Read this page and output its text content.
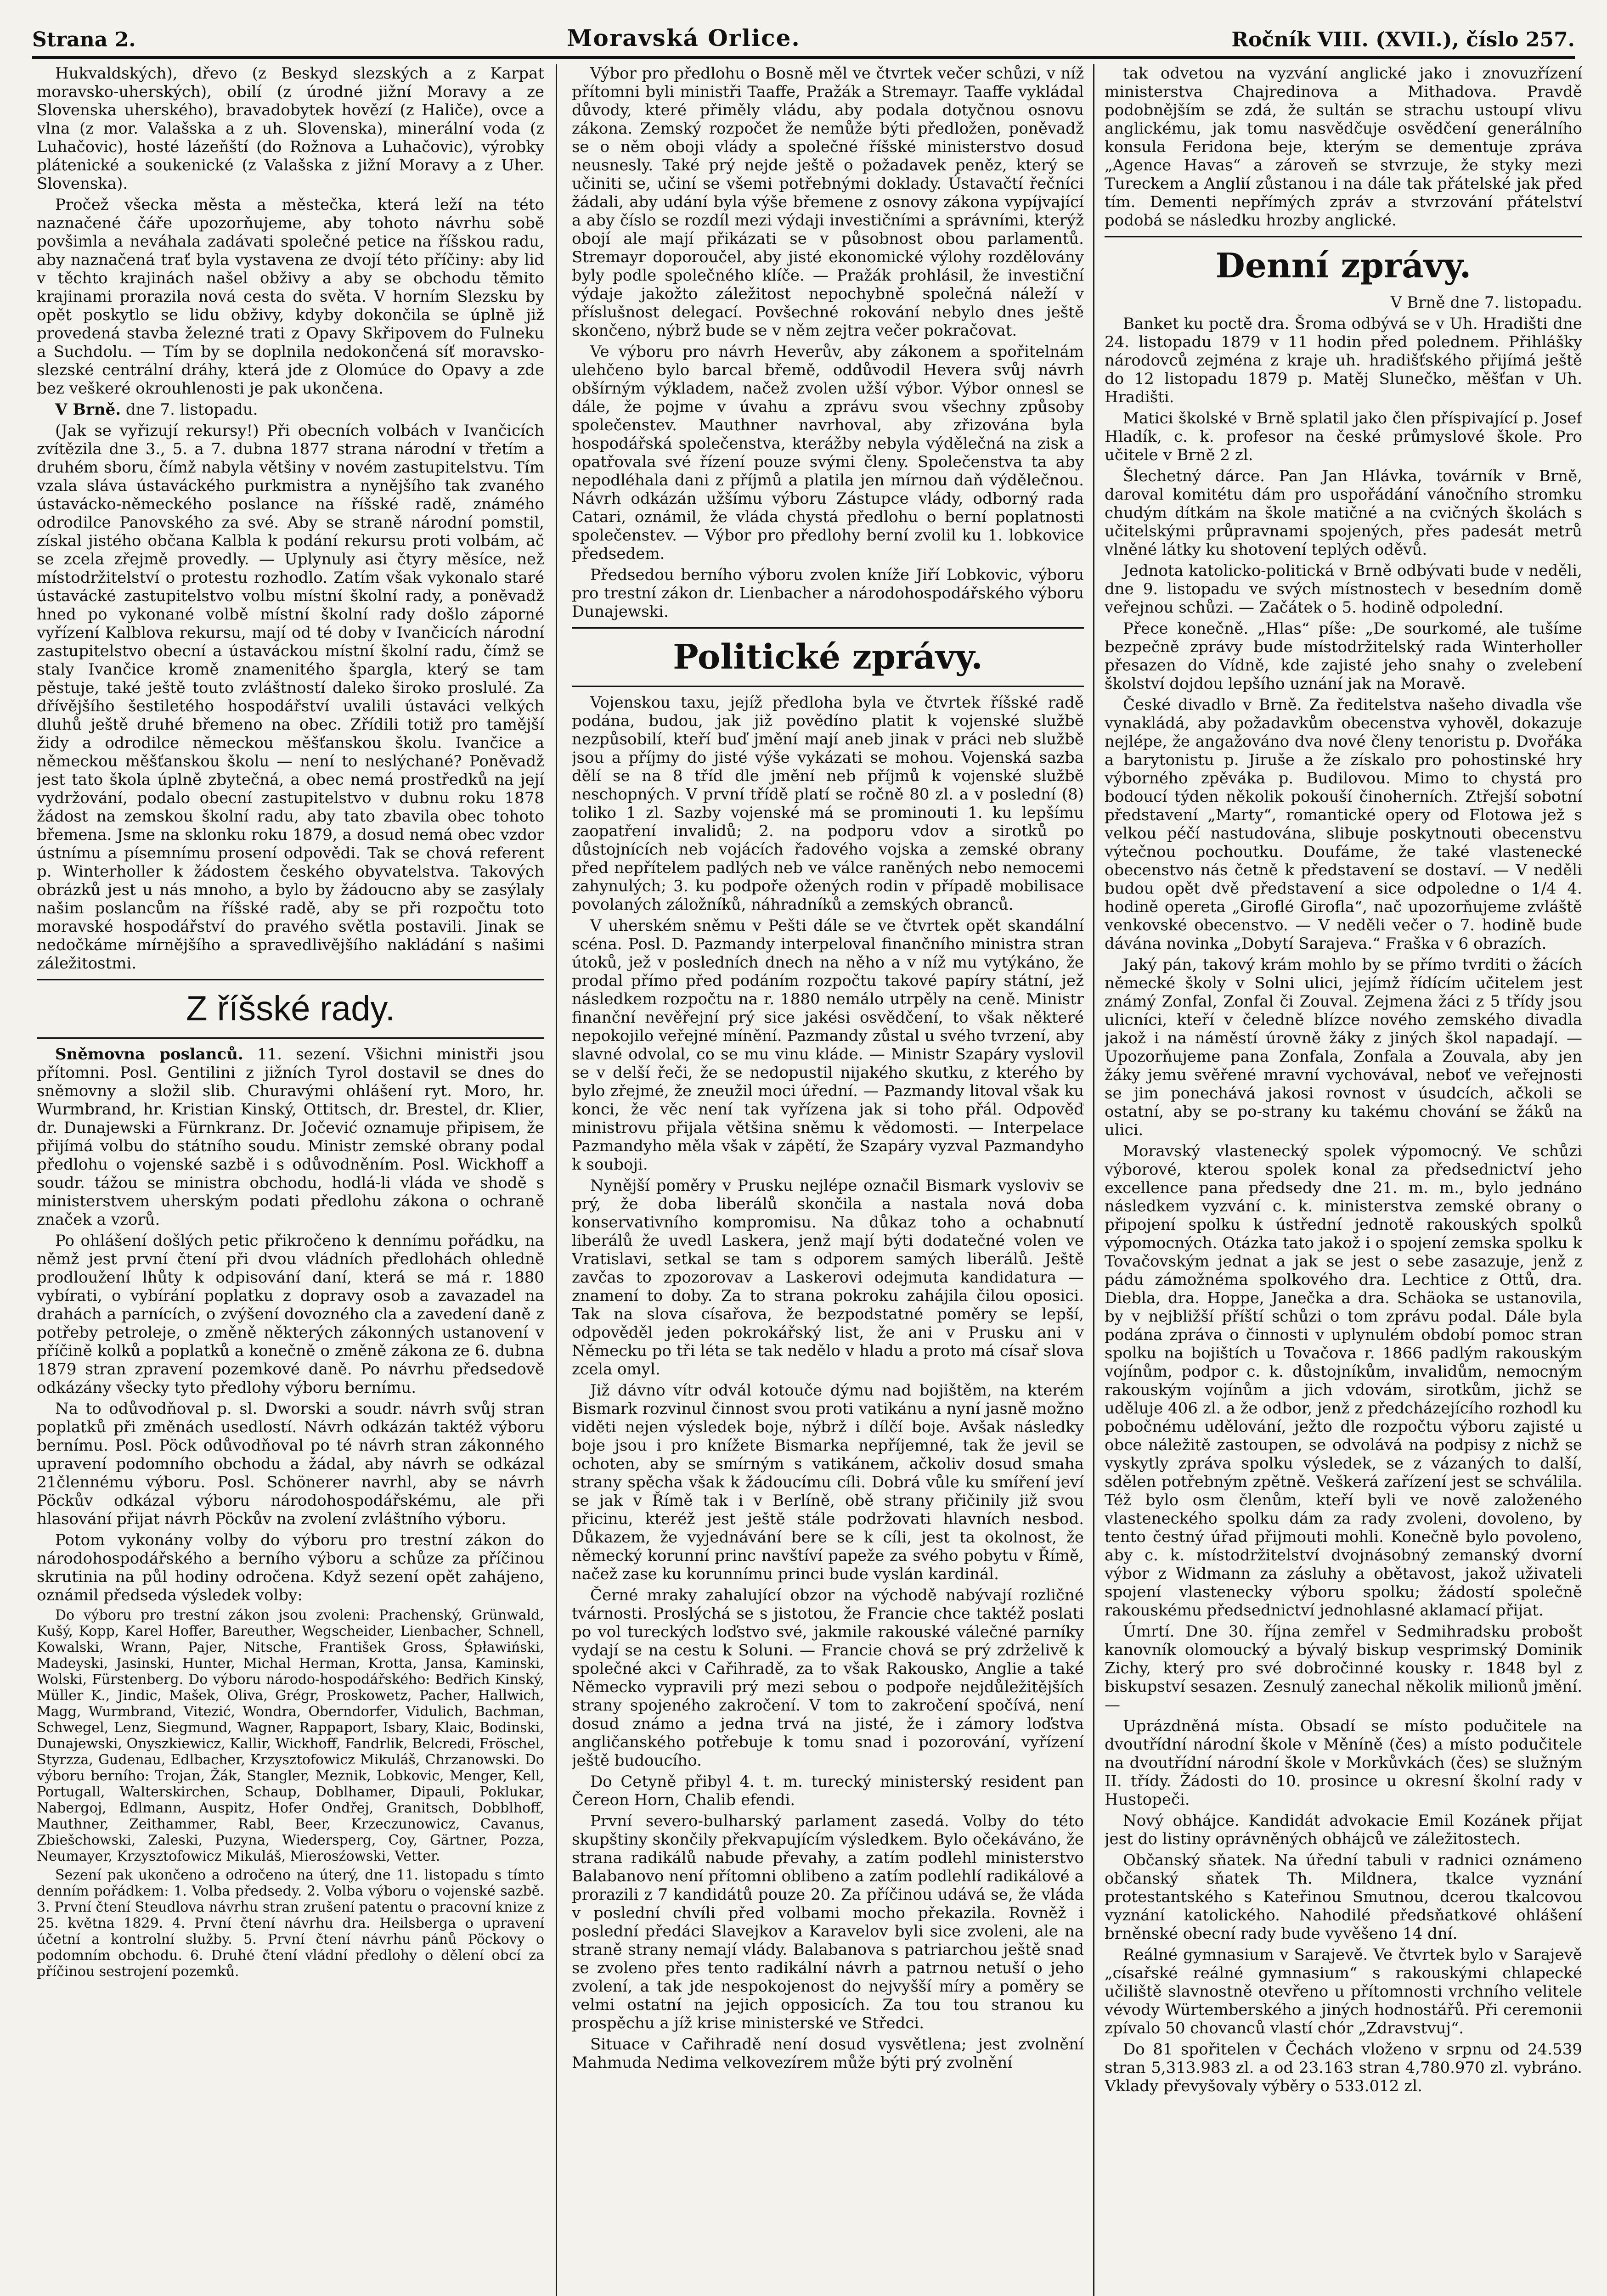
Strana 2.	Moravská Orlice.	Ročník VIII. (XVII.), číslo 257.

Hukvaldských), dřevo (z Beskyd slezských a z Karpat moravsko-uherských), obilí (z úrodné jižní Moravy a ze Slovenska uherského), bravadobytek hovězí (z Haliče), ovce a vlna (z mor. Valašska a z uh. Slovenska), minerální voda (z Luhačovic), hosté lázeňští (do Rožnova a Luhačovic), výrobky plátenické a soukenické (z Valašska z jižní Moravy a z Uher. Slovenska).

Pročež všecka města a městečka, která leží na této naznačené čáře upozorňujeme, aby tohoto návrhu sobě povšimla a neváhala zadávati společné petice na říšskou radu, aby naznačená trať byla vystavena ze dvojí této příčiny: aby lid v těchto krajinách našel obživy a aby se obchodu těmito krajinami prorazila nová cesta do světa. V horním Slezsku by opět poskytlo se lidu obživy, kdyby dokončila se úplně již provedená stavba železné trati z Opavy Skřipovem do Fulneku a Suchdolu. — Tím by se doplnila nedokončená síť moravsko-slezské centrální dráhy, která jde z Olomúce do Opavy a zde bez veškeré okrouhlenosti je pak ukončena.

V Brně. dne 7. listopadu.

(Jak se vyřizují rekursy!) Při obecních volbách v Ivančicích zvítězila dne 3., 5. a 7. dubna 1877 strana národní v třetím a druhém sboru, čímž nabyla většiny v novém zastupitelstvu. Tím vzala sláva ústaváckého purkmistra a nynějšího tak zvaného ústavácko-německého poslance na říšské radě, známého odrodilce Panovského za své. Aby se straně národní pomstil, získal jistého občana Kalbla k podání rekursu proti volbám, ač se zcela zřejmě provedly. — Uplynuly asi čtyry měsíce, než místodržitelství o protestu rozhodlo. Zatím však vykonalo staré ústavácké zastupitelstvo volbu místní školní rady, a poněvadž hned po vykonané volbě místní školní rady došlo záporné vyřízení Kalblova rekursu, mají od té doby v Ivančicích národní zastupitelstvo obecní a ústaváckou místní školní radu, čímž se staly Ivančice kromě znamenitého špargla, který se tam pěstuje, také ještě touto zvláštností daleko široko proslulé. Za dřívějšího šestiletého hospodářství uvalili ústaváci velkých dluhů ještě druhé břemeno na obec. Zřídili totiž pro tamější židy a odrodilce německou měšťanskou školu. Ivančice a německou měšťanskou školu — není to neslýchané? Poněvadž jest tato škola úplně zbytečná, a obec nemá prostředků na její vydržování, podalo obecní zastupitelstvo v dubnu roku 1878 žádost na zemskou školní radu, aby tato zbavila obec tohoto břemena. Jsme na sklonku roku 1879, a dosud nemá obec vzdor ústnímu a písemnímu prosení odpovědi. Tak se chová referent p. Winterholler k žádostem českého obyvatelstva. Takových obrázků jest u nás mnoho, a bylo by žádoucno aby se zasýlaly našim poslancům na říšské radě, aby se při rozpočtu toto moravské hospodářství do pravého světla postavili. Jinak se nedočkáme mírnějšího a spravedlivějšího nakládání s našimi záležitostmi.

Z říšské rady.

Sněmovna poslanců. 11. sezení. Všichni ministři jsou přítomni. Posl. Gentilini z jižních Tyrol dostavil se dnes do sněmovny a složil slib. Churavými ohlášení ryt. Moro, hr. Wurmbrand, hr. Kristian Kinský, Ottitsch, dr. Brestel, dr. Klier, dr. Dunajewski a Fürnkranz. Dr. Jočević oznamuje připisem, že přijímá volbu do státního soudu. Ministr zemské obrany podal předlohu o vojenské sazbě i s odůvodněním. Posl. Wickhoff a soudr. tážou se ministra obchodu, hodlá-li vláda ve shodě s ministerstvem uherským podati předlohu zákona o ochraně značek a vzorů.

Po ohlášení došlých petic přikročeno k dennímu pořádku, na němž jest první čtení při dvou vládních předlohách ohledně prodloužení lhůty k odpisování daní, která se má r. 1880 vybírati, o vybírání poplatku z dopravy osob a zavazadel na drahách a parnících, o zvýšení dovozného cla a zavedení daně z potřeby petroleje, o změně některých zákonných ustanovení v příčině kolků a poplatků a konečně o změně zákona ze 6. dubna 1879 stran zpravení pozemkové daně. Po návrhu předsedově odkázány všecky tyto předlohy výboru bernímu.

Na to odůvodňoval p. sl. Dworski a soudr. návrh svůj stran poplatků při změnách usedlostí. Návrh odkázán taktéž výboru bernímu. Posl. Pöck odůvodňoval po té návrh stran zákonného upravení podomního obchodu a žádal, aby návrh se odkázal 21člennému výboru. Posl. Schönerer navrhl, aby se návrh Pöckův odkázal výboru národohospodářskému, ale při hlasování přijat návrh Pöckův na zvolení zvláštního výboru.

Potom vykonány volby do výboru pro trestní zákon do národohospodářského a berního výboru a schůze za příčinou skrutinia na půl hodiny odročena. Když sezení opět zahájeno, oznámil předseda výsledek volby:

Do výboru pro trestní zákon jsou zvoleni: Prachenský, Grünwald, Kušý, Kopp, Karel Hoffer, Bareuther, Wegscheider, Lienbacher, Schnell, Kowalski, Wrann, Pajer, Nitsche, František Gross, Śpławiński, Madeyski, Jasinski, Hunter, Michal Herman, Krotta, Jansa, Kaminski, Wolski, Fürstenberg. Do výboru národo-hospodářského: Bedřich Kinský, Müller K., Jindic, Mašek, Oliva, Grégr, Proskowetz, Pacher, Hallwich, Magg, Wurmbrand, Vitezić, Wondra, Oberndorfer, Vidulich, Bachman, Schwegel, Lenz, Siegmund, Wagner, Rappaport, Isbary, Klaic, Bodinski, Dunajewski, Onyszkiewicz, Kallir, Wickhoff, Fandrlik, Belcredi, Fröschel, Styrzza, Gudenau, Edlbacher, Krzysztofowicz Mikuláš, Chrzanowski. Do výboru berního: Trojan, Žák, Stangler, Meznik, Lobkovic, Menger, Kell, Portugall, Walterskirchen, Schaup, Doblhamer, Dipauli, Poklukar, Nabergoj, Edlmann, Auspitz, Hofer Ondřej, Granitsch, Dobblhoff, Mauthner, Zeithammer, Rabl, Beer, Krzeczunowicz, Cavanus, Zbiešchowski, Zaleski, Puzyna, Wiedersperg, Coy, Gärtner, Pozza, Neumayer, Krzysztofowicz Mikuláš, Mierosźowski, Vetter.

Sezení pak ukončeno a odročeno na úterý, dne 11. listopadu s tímto denním pořádkem: 1. Volba předsedy. 2. Volba výboru o vojenské sazbě. 3. První čtení Steudlova návrhu stran zrušení patentu o pracovní knize z 25. května 1829. 4. První čtení návrhu dra. Heilsberga o upravení účetní a kontrolní služby. 5. První čtení návrhu pánů Pöckovy o podomním obchodu. 6. Druhé čtení vládní předlohy o dělení obcí za příčinou sestrojení pozemků.

Výbor pro předlohu o Bosně měl ve čtvrtek večer schůzi, v níž přítomni byli ministři Taaffe, Pražák a Stremayr. Taaffe vykládal důvody, které přiměly vládu, aby podala dotyčnou osnovu zákona. Zemský rozpočet že nemůže býti předložen, poněvadž se o něm oboji vlády a společné říšské ministerstvo dosud neusnesly. Také prý nejde ještě o požadavek peněz, který se učiniti se, učiní se všemi potřebnými doklady. Ústavačtí řečníci žádali, aby udání byla výše břemene z osnovy zákona vypíjvající a aby číslo se rozdíl mezi výdaji investičními a správními, kterýž obojí ale mají přikázati se v působnost obou parlamentů. Stremayr doporoučel, aby jisté ekonomické výlohy rozdělovány byly podle společného klíče. — Pražák prohlásil, že investiční výdaje jakožto záležitost nepochybně společná náleží v příslušnost delegací. Povšechné rokování nebylo dnes ještě skončeno, nýbrž bude se v něm zejtra večer pokračovat.

Ve výboru pro návrh Heverův, aby zákonem a spořitelnám ulehčeno bylo barcal břemě, oddůvodil Hevera svůj návrh obšírným výkladem, načež zvolen užší výbor. Výbor onnesl se dále, že pojme v úvahu a zprávu svou všechny způsoby společenstev. Mauthner navrhoval, aby zřizována byla hospodářská společenstva, kterážby nebyla výdělečná na zisk a opatřovala své řízení pouze svými členy. Společenstva ta aby nepodléhala dani z příjmů a platila jen mírnou daň výdělečnou. Návrh odkázán užšímu výboru Zástupce vlády, odborný rada Catari, oznámil, že vláda chystá předlohu o berní poplatnosti společenstev. — Výbor pro předlohy berní zvolil ku 1. lobkovice předsedem.

Předsedou berního výboru zvolen kníže Jiří Lobkovic, výboru pro trestní zákon dr. Lienbacher a národohospodářského výboru Dunajewski.

Politické zprávy.

Vojenskou taxu, jejíž předloha byla ve čtvrtek říšské radě podána, budou, jak již povědíno platit k vojenské službě nezpůsobilí, kteří buď jmění mají aneb jinak v práci neb službě jsou a příjmy do jisté výše vykázati se mohou. Vojenská sazba dělí se na 8 tříd dle jmění neb příjmů k vojenské službě neschopných. V první třídě platí se ročně 80 zl. a v poslední (8) toliko 1 zl. Sazby vojenské má se prominouti 1. ku lepšímu zaopatření invalidů; 2. na podporu vdov a sirotků po důstojnících neb vojácích řadového vojska a zemské obrany před nepřítelem padlých neb ve válce raněných nebo nemocemi zahynulých; 3. ku podpoře ožených rodin v případě mobilisace povolaných záložníků, náhradníků a zemských obranců.

V uherském sněmu v Pešti dále se ve čtvrtek opět skandální scéna. Posl. D. Pazmandy interpeloval finančního ministra stran útoků, jež v posledních dnech na něho a v níž mu vytýkáno, že prodal přímo před podáním rozpočtu takové papíry státní, jež následkem rozpočtu na r. 1880 nemálo utrpěly na ceně. Ministr finanční nevěřejní prý sice jakési osvědčení, to však některé nepokojilo veřejné mínění. Pazmandy zůstal u svého tvrzení, aby slavné odvolal, co se mu vinu kláde. — Ministr Szapáry vyslovil se v delší řeči, že se nedopustil nijakého skutku, z kterého by bylo zřejmé, že zneužil moci úřední. — Pazmandy litoval však ku konci, že věc není tak vyřízena jak si toho přál. Odpověď ministrovu přijala většina sněmu k vědomosti. — Interpelace Pazmandyho měla však v zápětí, že Szapáry vyzval Pazmandyho k souboji.

Nynější poměry v Prusku nejlépe označil Bismark vysloviv se prý, že doba liberálů skončila a nastala nová doba konservativního kompromisu. Na důkaz toho a ochabnutí liberálů že uvedl Laskera, jenž mají býti dodatečné volen ve Vratislavi, setkal se tam s odporem samých liberálů. Ještě zavčas to zpozorovav a Laskerovi odejmuta kandidatura — znamení to doby. Za to strana pokroku zahájila čilou oposici. Tak na slova císařova, že bezpodstatné poměry se lepší, odpověděl jeden pokrokářský list, že ani v Prusku ani v Německu po tři léta se tak nedělo v hladu a proto má císař slova zcela omyl.

Již dávno vítr odvál kotouče dýmu nad bojištěm, na kterém Bismark rozvinul činnost svou proti vatikánu a nyní jasně možno viděti nejen výsledek boje, nýbrž i dílčí boje. Avšak následky boje jsou i pro knížete Bismarka nepříjemné, tak že jevil se ochoten, aby se smírným s vatikánem, ačkoliv dosud smaha strany spěcha však k žádoucímu cíli. Dobrá vůle ku smíření jeví se jak v Římě tak i v Berlíně, obě strany přičinily již svou přicinu, kteréž jest ještě stále podržovati hlavních nesbod. Důkazem, že vyjednávání bere se k cíli, jest ta okolnost, že německý korunní princ navštíví papeže za svého pobytu v Římě, načež zase ku korunnímu princi bude vyslán kardinál.

Černé mraky zahalující obzor na východě nabývají rozličné tvárnosti. Proslýchá se s jistotou, že Francie chce taktéž poslati po vol tureckých loďstvo své, jakmile rakouské válečné parníky vydají se na cestu k Soluni. — Francie chová se prý zdrželivě k společné akci v Cařihradě, za to však Rakousko, Anglie a také Německo vypravili prý mezi sebou o podpoře nejdůležitějších strany spojeného zakročení. V tom to zakročení spočívá, není dosud známo a jedna trvá na jisté, že i zámory loďstva angličanského potřebuje k tomu snad i pozorování, vyřízení ještě budoucího.

Do Cetyně přibyl 4. t. m. turecký ministerský resident pan Čereon Horn, Chalib efendi.

První severo-bulharský parlament zasedá. Volby do této skupštiny skončily překvapujícím výsledkem. Bylo očekáváno, že strana radikálů nabude převahy, a zatím podlehl ministerstvo Balabanovo není přítomni oblibeno a zatím podlehlí radikálové a prorazili z 7 kandidátů pouze 20. Za příčinou udává se, že vláda v poslední chvíli před volbami mocho překazila. Rovněž i poslední předáci Slavejkov a Karavelov byli sice zvoleni, ale na straně strany nemají vlády. Balabanova s patriarchou ještě snad se zvoleno přes tento radikální návrh a patrnou netuší o jeho zvolení, a tak jde nespokojenost do nejvyšší míry a poměry se velmi ostatní na jejich opposicích. Za tou tou stranou ku prospěchu a jíž krise ministerské ve Středci.

Situace v Cařihradě není dosud vysvětlena; jest zvolnění Mahmuda Nedima velkovezírem může býti prý zvolnění

tak odvetou na vyzvání anglické jako i znovuzřízení ministerstva Chajredinova a Mithadova. Pravdě podobnějším se zdá, že sultán se strachu ustoupí vlivu anglickému, jak tomu nasvědčuje osvědčení generálního konsula Feridona beje, kterým se dementuje zpráva „Agence Havas“ a zároveň se stvrzuje, že styky mezi Tureckem a Anglií zůstanou i na dále tak přátelské jak před tím. Dementi nepřímých zpráv a stvrzování přátelství podobá se následku hrozby anglické.

Denní zprávy.
V Brně dne 7. listopadu.

Banket ku poctě dra. Šroma odbývá se v Uh. Hradišti dne 24. listopadu 1879 v 11 hodin před polednem. Přihlášky národovců zejména z kraje uh. hradišťského přijímá ještě do 12 listopadu 1879 p. Matěj Slunečko, měšťan v Uh. Hradišti.

Matici školské v Brně splatil jako člen příspivající p. Josef Hladík, c. k. profesor na české průmyslové škole. Pro učitele v Brně 2 zl.

Šlechetný dárce. Pan Jan Hlávka, továrník v Brně, daroval komitétu dám pro uspořádání vánočního stromku chudým dítkám na škole matičné a na cvičných školách s učitelskými průpravnami spojených, přes padesát metrů vlněné látky ku shotovení teplých oděvů.

Jednota katolicko-politická v Brně odbývati bude v neděli, dne 9. listopadu ve svých místnostech v besedním domě veřejnou schůzi. — Začátek o 5. hodině odpolední.

Přece konečně. „Hlas“ píše: „De sourkomé, ale tušíme bezpečně zprávy bude místodržitelský rada Winterholler přesazen do Vídně, kde zajisté jeho snahy o zvelebení školství dojdou lepšího uznání jak na Moravě.

České divadlo v Brně. Za ředitelstva našeho divadla vše vynakládá, aby požadavkům obecenstva vyhověl, dokazuje nejlépe, že angažováno dva nové členy tenoristu p. Dvořáka a barytonistu p. Jiruše a že získalo pro pohostinské hry výborného zpěváka p. Budilovou. Mimo to chystá pro bodoucí týden několik pokouší činoherních. Ztřejší sobotní představení „Marty“, romantické opery od Flotowa jež s velkou péčí nastudována, slibuje poskytnouti obecenstvu výtečnou pochoutku. Doufáme, že také vlastenecké obecenstvo nás četně k představení se dostaví. — V neděli budou opět dvě představení a sice odpoledne o 1/4 4. hodině opereta „Giroflé Girofla“, nač upozorňujeme zvláště venkovské obecenstvo. — V neděli večer o 7. hodině bude dávána novinka „Dobytí Sarajeva.“ Fraška v 6 obrazích.

Jaký pán, takový krám mohlo by se přímo tvrditi o žácích německé školy v Solni ulici, jejímž řídícím učitelem jest známý Zonfal, Zonfal či Zouval. Zejmena žáci z 5 třídy jsou ulicníci, kteří v čeledně blízce nového zemského divadla jakož i na náměstí úrovně žáky z jiných škol napadají. — Upozorňujeme pana Zonfala, Zonfala a Zouvala, aby jen žáky jemu svěřené mravní vychovával, neboť ve veřejnosti se jim ponechává jakosi rovnost v úsudcích, ačkoli se ostatní, aby se po-strany ku takému chování se žáků na ulici.

Moravský vlastenecký spolek výpomocný. Ve schůzi výborové, kterou spolek konal za předsednictví jeho excellence pana předsedy dne 21. m. m., bylo jednáno následkem vyzvání c. k. ministerstva zemské obrany o připojení spolku k ústřední jednotě rakouských spolků výpomocných. Otázka tato jakož i o spojení zemska spolku k Tovačovským jednat a jak se jest o sebe zasazuje, jenž z pádu zámožnéma spolkového dra. Lechtice z Ottů, dra. Diebla, dra. Hoppe, Janečka a dra. Schäoka se ustanovila, by v nejbližší příští schůzi o tom zprávu podal. Dále byla podána zpráva o činnosti v uplynulém období pomoc stran spolku na bojištích u Tovačova r. 1866 padlým rakouským vojínům, podpor c. k. důstojníkům, invalidům, nemocným rakouským vojínům a jich vdovám, sirotkům, jichž se uděluje 406 zl. a že odbor, jenž z předcházejícího rozhodl ku pobočnému udělování, ježto dle rozpočtu výboru zajisté u obce náležitě zastoupen, se odvolává na podpisy z nichž se vyskytly zpráva spolku výsledek, se z vázaných to další, sdělen potřebným zpětně. Veškerá zařízení jest se schválila. Též bylo osm členům, kteří byli ve nově založeného vlasteneckého spolku dám za rady zvoleni, dovoleno, by tento čestný úřad přijmouti mohli. Konečně bylo povoleno, aby c. k. místodržitelství dvojnásobný zemanský dvorní výbor z Widmann za zásluhy a obětavost, jakož uživateli spojení vlastenecky výboru spolku; žádostí společně rakouskému předsednictví jednohlasné aklamací přijat.

Úmrtí. Dne 30. října zemřel v Sedmihradsku probošt kanovník olomoucký a bývalý biskup vesprimský Dominik Zichy, který pro své dobročinné kousky r. 1848 byl z biskupství sesazen. Zesnulý zanechal několik milionů jmění. —

Uprázdněná místa. Obsadí se místo podučitele na dvoutřídní národní škole v Měníně (čes) a místo podučitele na dvoutřídní národní škole v Morkůvkách (čes) se služným II. třídy. Žádosti do 10. prosince u okresní školní rady v Hustopeči.

Nový obhájce. Kandidát advokacie Emil Kozánek přijat jest do listiny oprávněných obhájců ve záležitostech.

Občanský sňatek. Na úřední tabuli v radnici oznámeno občanský sňatek Th. Mildnera, tkalce vyznání protestantského s Kateřinou Smutnou, dcerou tkalcovou vyznání katolického. Nahodilé předsňatkové ohlášení brněnské obecní rady bude vyvěšeno 14 dní.

Reálné gymnasium v Sarajevě. Ve čtvrtek bylo v Sarajevě „císařské reálné gymnasium“ s rakouskými chlapecké učiliště slavnostně otevřeno u přítomnosti vrchního velitele vévody Würtemberského a jiných hodnostářů. Při ceremonii zpívalo 50 chovanců vlastí chór „Zdravstvuj“.

Do 81 spořitelen v Čechách vloženo v srpnu od 24.539 stran 5,313.983 zl. a od 23.163 stran 4,780.970 zl. vybráno. Vklady převyšovaly výběry o 533.012 zl.
